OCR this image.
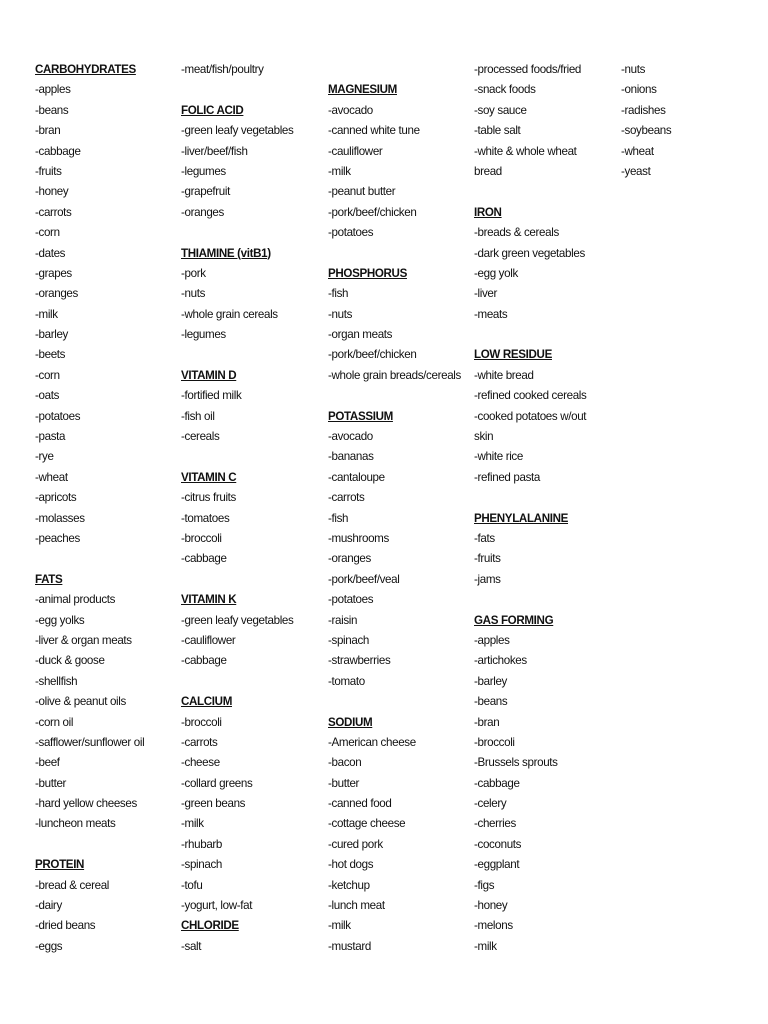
CARBOHYDRATES
-apples
-beans
-bran
-cabbage
-fruits
-honey
-carrots
-corn
-dates
-grapes
-oranges
-milk
-barley
-beets
-corn
-oats
-potatoes
-pasta
-rye
-wheat
-apricots
-molasses
-peaches
FATS
-animal products
-egg yolks
-liver & organ meats
-duck & goose
-shellfish
-olive & peanut oils
-corn oil
-safflower/sunflower oil
-beef
-butter
-hard yellow cheeses
-luncheon meats
PROTEIN
-bread & cereal
-dairy
-dried beans
-eggs
-meat/fish/poultry
FOLIC ACID
-green leafy vegetables
-liver/beef/fish
-legumes
-grapefruit
-oranges
THIAMINE (vitB1)
-pork
-nuts
-whole grain cereals
-legumes
VITAMIN D
-fortified milk
-fish oil
-cereals
VITAMIN C
-citrus fruits
-tomatoes
-broccoli
-cabbage
VITAMIN K
-green leafy vegetables
-cauliflower
-cabbage
CALCIUM
-broccoli
-carrots
-cheese
-collard greens
-green beans
-milk
-rhubarb
-spinach
-tofu
-yogurt, low-fat
CHLORIDE
-salt
MAGNESIUM
-avocado
-canned white tune
-cauliflower
-milk
-peanut butter
-pork/beef/chicken
-potatoes
PHOSPHORUS
-fish
-nuts
-organ meats
-pork/beef/chicken
-whole grain breads/cereals
POTASSIUM
-avocado
-bananas
-cantaloupe
-carrots
-fish
-mushrooms
-oranges
-pork/beef/veal
-potatoes
-raisin
-spinach
-strawberries
-tomato
SODIUM
-American cheese
-bacon
-butter
-canned food
-cottage cheese
-cured pork
-hot dogs
-ketchup
-lunch meat
-milk
-mustard
-processed foods/fried
-snack foods
-soy sauce
-table salt
-white & whole wheat
bread
IRON
-breads & cereals
-dark green vegetables
-egg yolk
-liver
-meats
LOW RESIDUE
-white bread
-refined cooked cereals
-cooked potatoes w/out
skin
-white rice
-refined pasta
PHENYLALANINE
-fats
-fruits
-jams
GAS FORMING
-apples
-artichokes
-barley
-beans
-bran
-broccoli
-Brussels sprouts
-cabbage
-celery
-cherries
-coconuts
-eggplant
-figs
-honey
-melons
-milk
-nuts
-onions
-radishes
-soybeans
-wheat
-yeast
